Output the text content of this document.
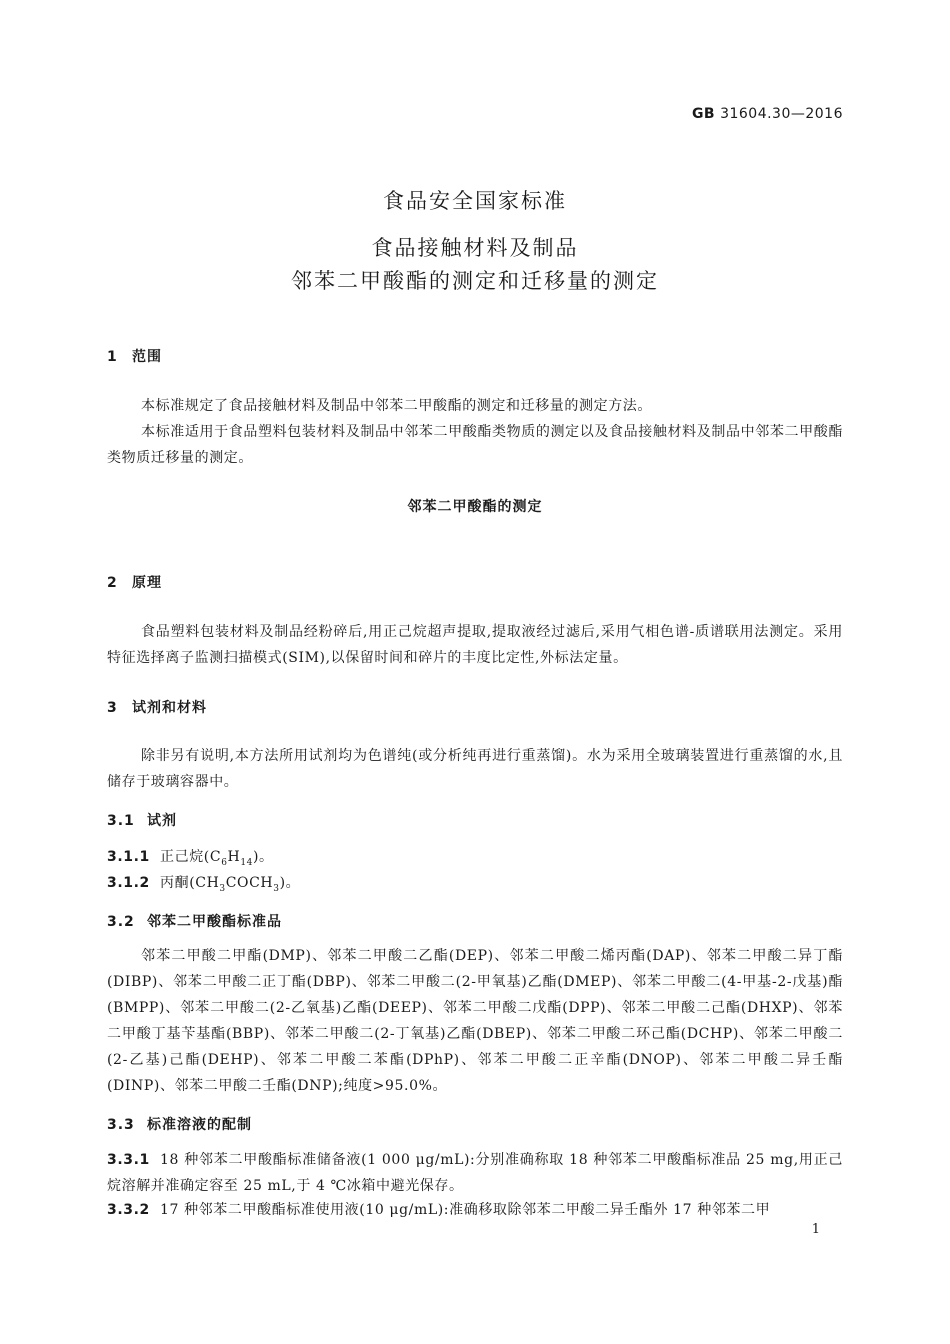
GB 31604.30—2016
食品安全国家标准
食品接触材料及制品
邻苯二甲酸酯的测定和迁移量的测定
1 范围
本标准规定了食品接触材料及制品中邻苯二甲酸酯的测定和迁移量的测定方法。
本标准适用于食品塑料包装材料及制品中邻苯二甲酸酯类物质的测定以及食品接触材料及制品中邻苯二甲酸酯类物质迁移量的测定。
邻苯二甲酸酯的测定
2 原理
食品塑料包装材料及制品经粉碎后,用正己烷超声提取,提取液经过滤后,采用气相色谱-质谱联用法测定。采用特征选择离子监测扫描模式(SIM),以保留时间和碎片的丰度比定性,外标法定量。
3 试剂和材料
除非另有说明,本方法所用试剂均为色谱纯(或分析纯再进行重蒸馏)。水为采用全玻璃装置进行重蒸馏的水,且储存于玻璃容器中。
3.1 试剂
3.1.1 正己烷$(C_6H_{14})$。
3.1.2 丙酮$(CH_3COCH_3)$。
3.2 邻苯二甲酸酯标准品
邻苯二甲酸二甲酯(DMP)、邻苯二甲酸二乙酯(DEP)、邻苯二甲酸二烯丙酯(DAP)、邻苯二甲酸二异丁酯(DIBP)、邻苯二甲酸二正丁酯(DBP)、邻苯二甲酸二(2-甲氧基)乙酯(DMEP)、邻苯二甲酸二(4-甲基-2-戊基)酯(BMPP)、邻苯二甲酸二(2-乙氧基)乙酯(DEEP)、邻苯二甲酸二戊酯(DPP)、邻苯二甲酸二己酯(DHXP)、邻苯二甲酸丁基苄基酯(BBP)、邻苯二甲酸二(2-丁氧基)乙酯(DBEP)、邻苯二甲酸二环己酯(DCHP)、邻苯二甲酸二(2-乙基)己酯(DEHP)、邻苯二甲酸二苯酯(DPhP)、邻苯二甲酸二正辛酯(DNOP)、邻苯二甲酸二异壬酯(DINP)、邻苯二甲酸二壬酯(DNP);纯度>95.0%。
3.3 标准溶液的配制
3.3.1 18 种邻苯二甲酸酯标准储备液(1 000 μg/mL):分别准确称取 18 种邻苯二甲酸酯标准品 25 mg,用正己烷溶解并准确定容至 25 mL,于 4 ℃冰箱中避光保存。
3.3.2 17 种邻苯二甲酸酯标准使用液(10 μg/mL):准确移取除邻苯二甲酸二异壬酯外 17 种邻苯二甲
1
